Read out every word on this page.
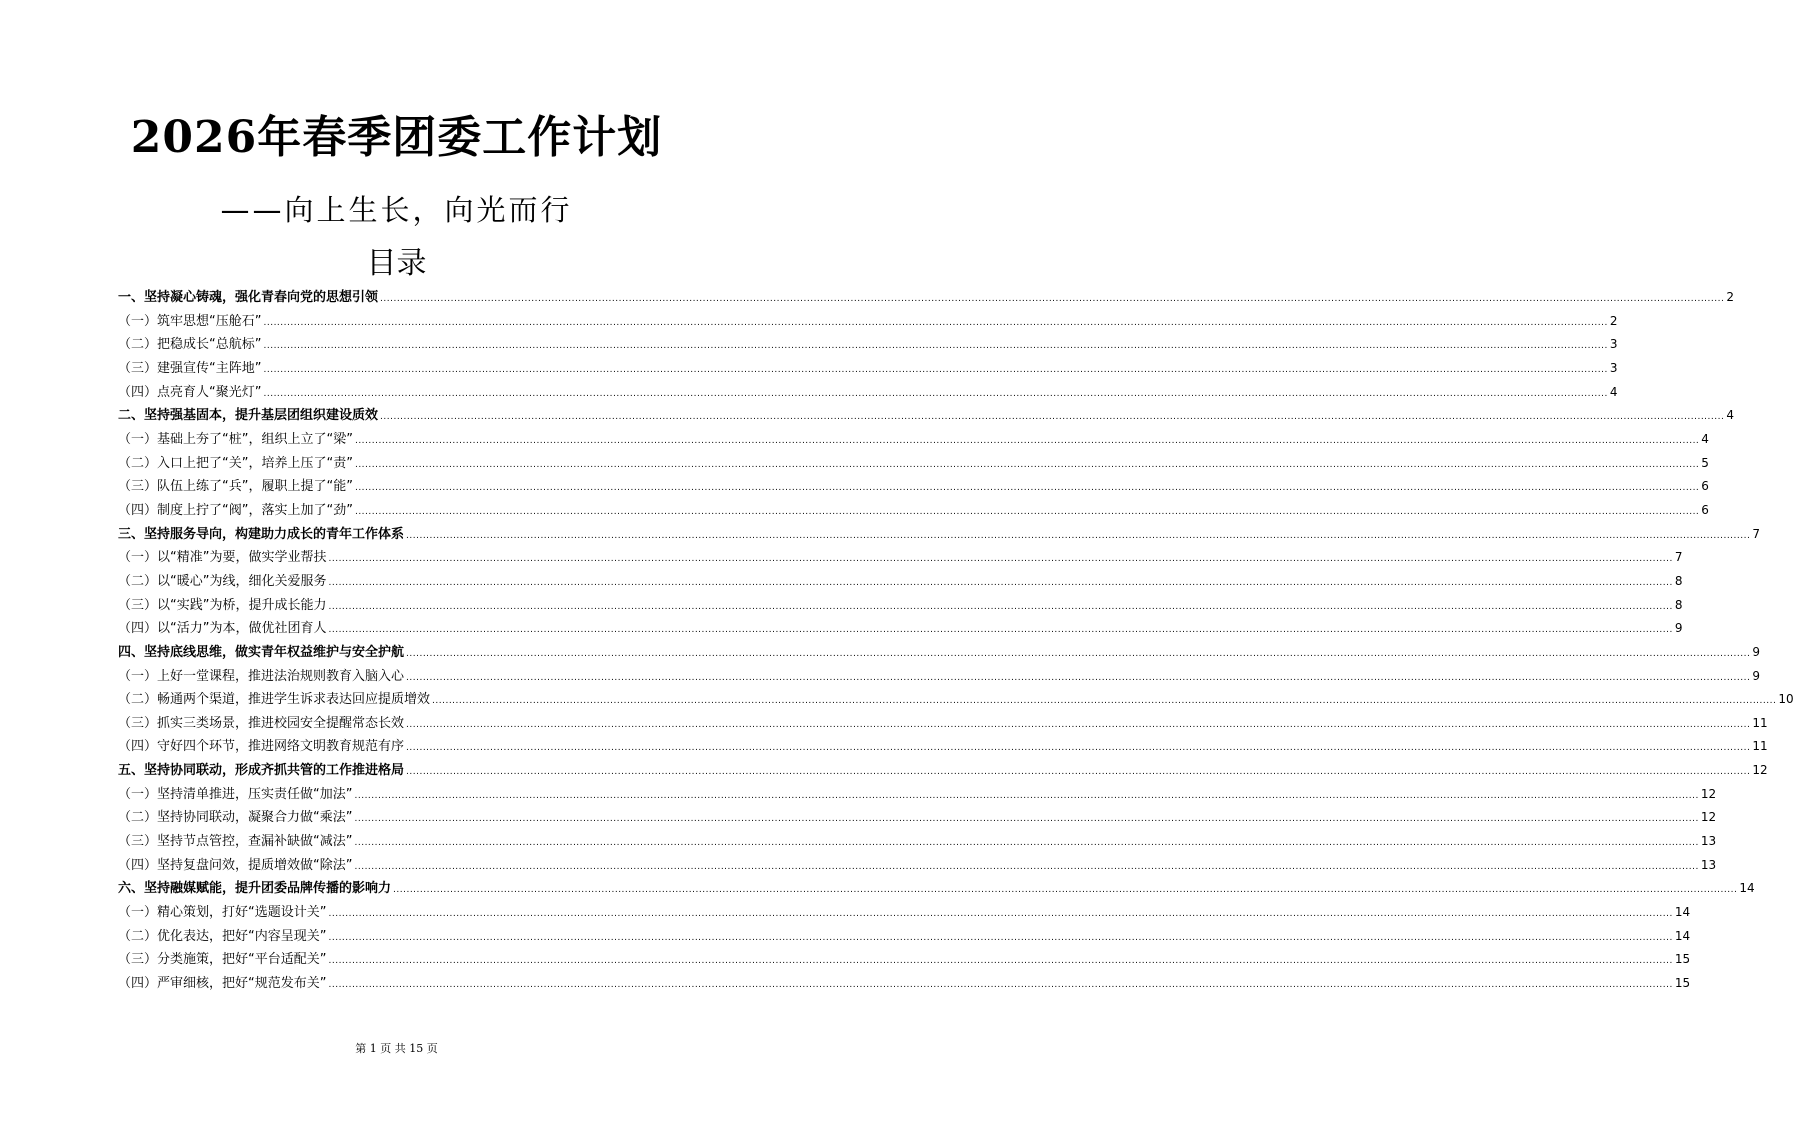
2026年春季团委工作计划
——向上生长，向光而行
目录
一、坚持凝心铸魂，强化青春向党的思想引领 ................................................................................................................................................................................................................................................................................................................................................................................................................ 2
（一）筑牢思想“压舱石” ................................................................................................................................................................................................................................................................................................................................................................................................................ 2
（二）把稳成长“总航标” ................................................................................................................................................................................................................................................................................................................................................................................................................ 3
（三）建强宣传“主阵地” ................................................................................................................................................................................................................................................................................................................................................................................................................ 3
（四）点亮育人“聚光灯” ................................................................................................................................................................................................................................................................................................................................................................................................................ 4
二、坚持强基固本，提升基层团组织建设质效 ................................................................................................................................................................................................................................................................................................................................................................................................................ 4
（一）基础上夯了“桩”，组织上立了“梁” ................................................................................................................................................................................................................................................................................................................................................................................................................ 4
（二）入口上把了“关”，培养上压了“责” ................................................................................................................................................................................................................................................................................................................................................................................................................ 5
（三）队伍上练了“兵”，履职上提了“能” ................................................................................................................................................................................................................................................................................................................................................................................................................ 6
（四）制度上拧了“阀”，落实上加了“劲” ................................................................................................................................................................................................................................................................................................................................................................................................................ 6
三、坚持服务导向，构建助力成长的青年工作体系 ................................................................................................................................................................................................................................................................................................................................................................................................................ 7
（一）以“精准”为要，做实学业帮扶 ................................................................................................................................................................................................................................................................................................................................................................................................................ 7
（二）以“暖心”为线，细化关爱服务 ................................................................................................................................................................................................................................................................................................................................................................................................................ 8
（三）以“实践”为桥，提升成长能力 ................................................................................................................................................................................................................................................................................................................................................................................................................ 8
（四）以“活力”为本，做优社团育人 ................................................................................................................................................................................................................................................................................................................................................................................................................ 9
四、坚持底线思维，做实青年权益维护与安全护航 ................................................................................................................................................................................................................................................................................................................................................................................................................ 9
（一）上好一堂课程，推进法治规则教育入脑入心 ................................................................................................................................................................................................................................................................................................................................................................................................................ 9
（二）畅通两个渠道，推进学生诉求表达回应提质增效 ................................................................................................................................................................................................................................................................................................................................................................................................................ 10
（三）抓实三类场景，推进校园安全提醒常态长效 ................................................................................................................................................................................................................................................................................................................................................................................................................ 11
（四）守好四个环节，推进网络文明教育规范有序 ................................................................................................................................................................................................................................................................................................................................................................................................................ 11
五、坚持协同联动，形成齐抓共管的工作推进格局 ................................................................................................................................................................................................................................................................................................................................................................................................................ 12
（一）坚持清单推进，压实责任做“加法” ................................................................................................................................................................................................................................................................................................................................................................................................................ 12
（二）坚持协同联动，凝聚合力做“乘法” ................................................................................................................................................................................................................................................................................................................................................................................................................ 12
（三）坚持节点管控，查漏补缺做“减法” ................................................................................................................................................................................................................................................................................................................................................................................................................ 13
（四）坚持复盘问效，提质增效做“除法” ................................................................................................................................................................................................................................................................................................................................................................................................................ 13
六、坚持融媒赋能，提升团委品牌传播的影响力 ................................................................................................................................................................................................................................................................................................................................................................................................................ 14
（一）精心策划，打好“选题设计关” ................................................................................................................................................................................................................................................................................................................................................................................................................ 14
（二）优化表达，把好“内容呈现关” ................................................................................................................................................................................................................................................................................................................................................................................................................ 14
（三）分类施策，把好“平台适配关” ................................................................................................................................................................................................................................................................................................................................................................................................................ 15
（四）严审细核，把好“规范发布关” ................................................................................................................................................................................................................................................................................................................................................................................................................ 15
第 1 页 共 15 页
